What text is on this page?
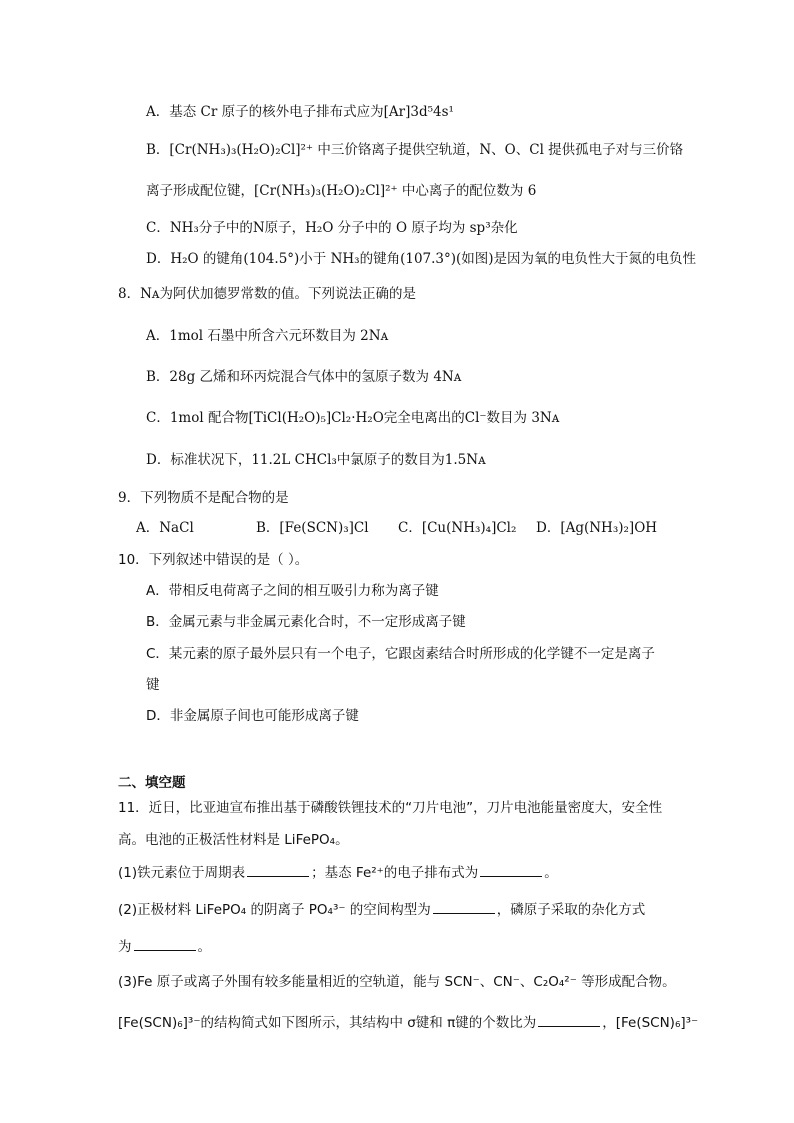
A．基态 Cr 原子的核外电子排布式应为[Ar]3d⁵4s¹
B．[Cr(NH₃)₃(H₂O)₂Cl]²⁺ 中三价铬离子提供空轨道，N、O、Cl 提供孤电子对与三价铬
离子形成配位键，[Cr(NH₃)₃(H₂O)₂Cl]²⁺ 中心离子的配位数为 6
C．NH₃分子中的N原子，H₂O 分子中的 O 原子均为 sp³杂化
D．H₂O 的键角(104.5°)小于 NH₃的键角(107.3°)(如图)是因为氧的电负性大于氮的电负性
8．Nᴀ为阿伏加德罗常数的值。下列说法正确的是
A．1mol 石墨中所含六元环数目为 2Nᴀ
B．28g 乙烯和环丙烷混合气体中的氢原子数为 4Nᴀ
C．1mol 配合物[TiCl(H₂O)₅]Cl₂·H₂O完全电离出的Cl⁻数目为 3Nᴀ
D．标准状况下，11.2L CHCl₃中氯原子的数目为1.5Nᴀ
9．下列物质不是配合物的是
A．NaCl	B．[Fe(SCN)₃]Cl C．[Cu(NH₃)₄]Cl₂ D．[Ag(NH₃)₂]OH
10．下列叙述中错误的是（ ）。
A．带相反电荷离子之间的相互吸引力称为离子键
B．金属元素与非金属元素化合时，不一定形成离子键
C．某元素的原子最外层只有一个电子，它跟卤素结合时所形成的化学键不一定是离子
键
D．非金属原子间也可能形成离子键
二、填空题
11．近日，比亚迪宣布推出基于磷酸铁锂技术的“刀片电池”，刀片电池能量密度大，安全性
高。电池的正极活性材料是 LiFePO₄。
(1)铁元素位于周期表	；基态 Fe²⁺的电子排布式为	。
(2)正极材料 LiFePO₄ 的阴离子 PO₄³⁻ 的空间构型为	，磷原子采取的杂化方式
为	。
(3)Fe 原子或离子外围有较多能量相近的空轨道，能与 SCN⁻、CN⁻、C₂O₄²⁻ 等形成配合物。
[Fe(SCN)₆]³⁻的结构简式如下图所示，其结构中 σ键和 π键的个数比为	，[Fe(SCN)₆]³⁻
